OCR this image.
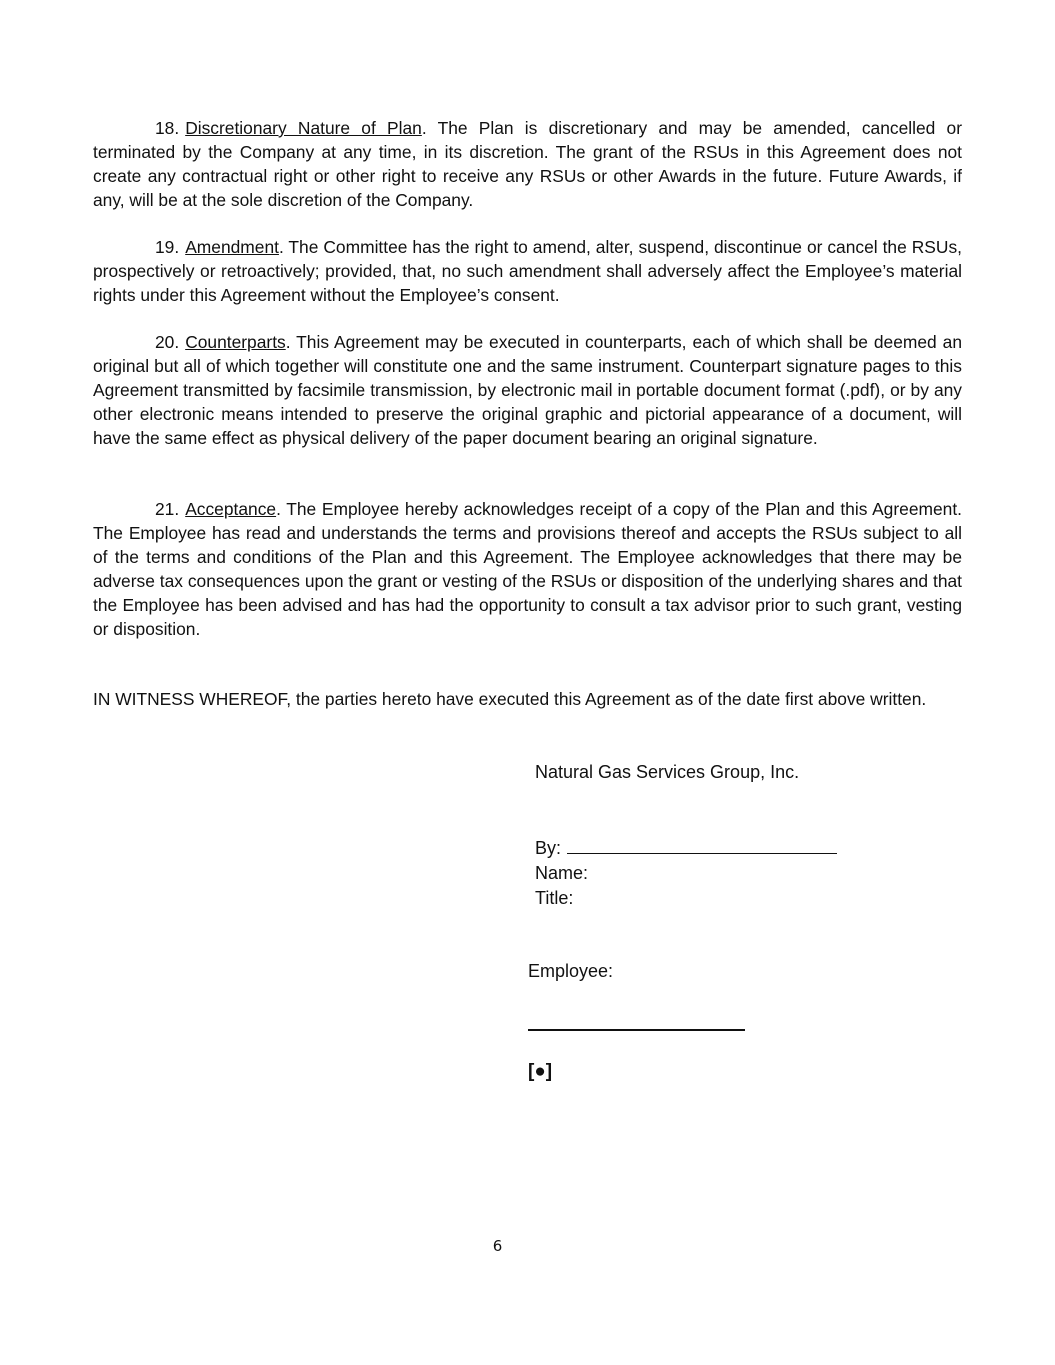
18. Discretionary Nature of Plan. The Plan is discretionary and may be amended, cancelled or terminated by the Company at any time, in its discretion. The grant of the RSUs in this Agreement does not create any contractual right or other right to receive any RSUs or other Awards in the future. Future Awards, if any, will be at the sole discretion of the Company.

19. Amendment. The Committee has the right to amend, alter, suspend, discontinue or cancel the RSUs, prospectively or retroactively; provided, that, no such amendment shall adversely affect the Employee’s material rights under this Agreement without the Employee’s consent.

20. Counterparts. This Agreement may be executed in counterparts, each of which shall be deemed an original but all of which together will constitute one and the same instrument. Counterpart signature pages to this Agreement transmitted by facsimile transmission, by electronic mail in portable document format (.pdf), or by any other electronic means intended to preserve the original graphic and pictorial appearance of a document, will have the same effect as physical delivery of the paper document bearing an original signature.

21. Acceptance. The Employee hereby acknowledges receipt of a copy of the Plan and this Agreement. The Employee has read and understands the terms and provisions thereof and accepts the RSUs subject to all of the terms and conditions of the Plan and this Agreement. The Employee acknowledges that there may be adverse tax consequences upon the grant or vesting of the RSUs or disposition of the underlying shares and that the Employee has been advised and has had the opportunity to consult a tax advisor prior to such grant, vesting or disposition.

IN WITNESS WHEREOF, the parties hereto have executed this Agreement as of the date first above written.

Natural Gas Services Group, Inc.
By:
Name:
Title:
Employee:
[●]
6
